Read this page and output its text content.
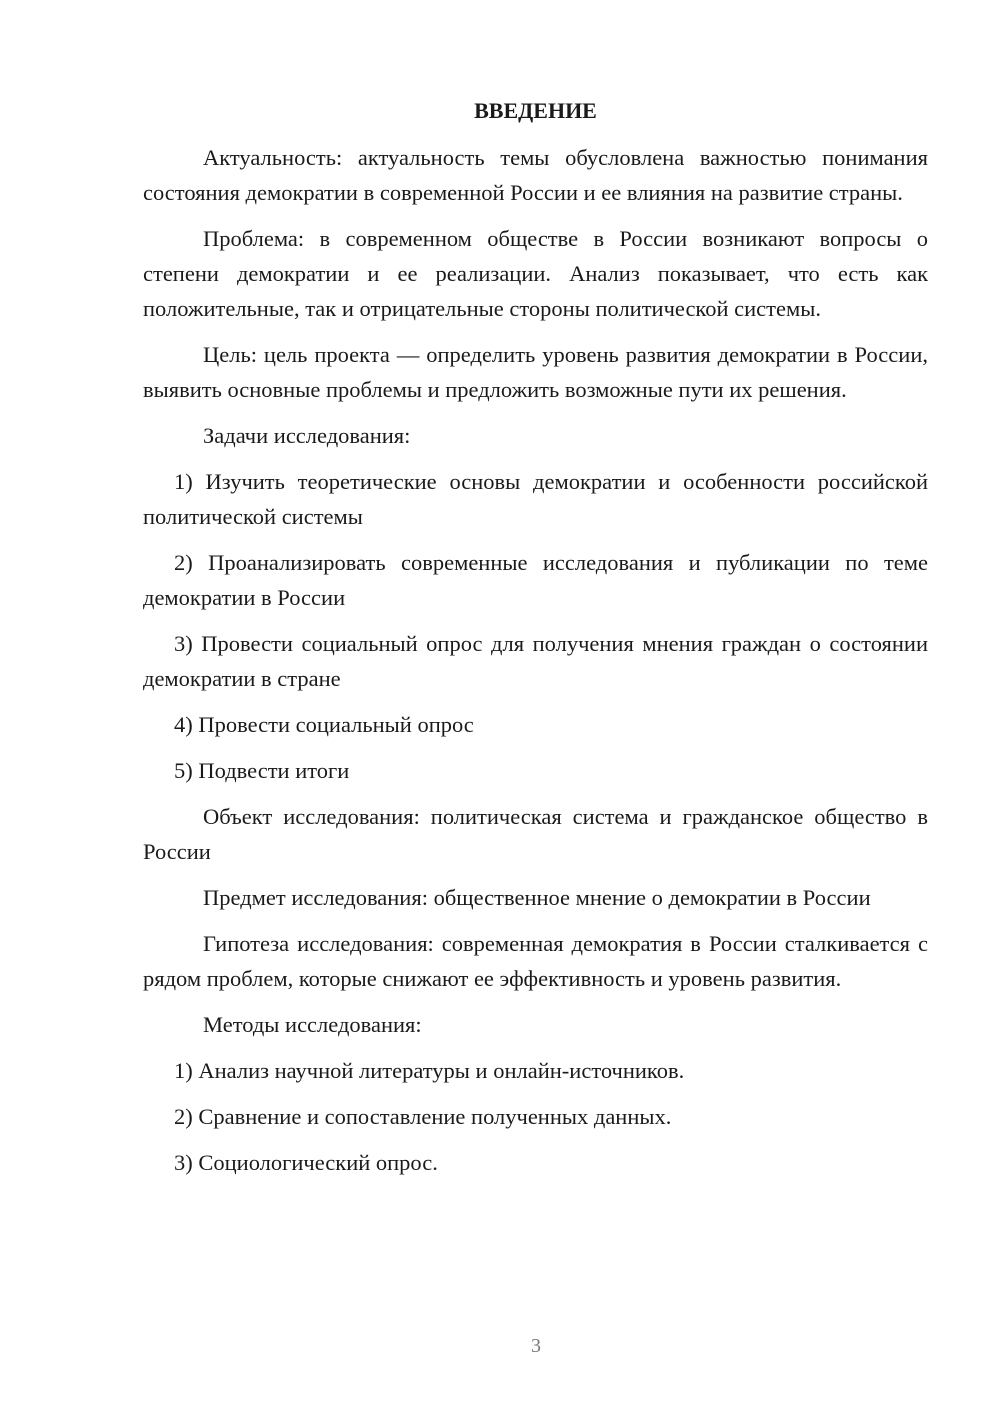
ВВЕДЕНИЕ

Актуальность: актуальность темы обусловлена важностью понимания состояния демократии в современной России и ее влияния на развитие страны.

Проблема: в современном обществе в России возникают вопросы о степени демократии и ее реализации. Анализ показывает, что есть как положительные, так и отрицательные стороны политической системы.

Цель: цель проекта — определить уровень развития демократии в России, выявить основные проблемы и предложить возможные пути их решения.

Задачи исследования:

1) Изучить теоретические основы демократии и особенности российской политической системы

2) Проанализировать современные исследования и публикации по теме демократии в России

3) Провести социальный опрос для получения мнения граждан о состоянии демократии в стране

4) Провести социальный опрос

5) Подвести итоги

Объект исследования: политическая система и гражданское общество в России

Предмет исследования: общественное мнение о демократии в России

Гипотеза исследования: современная демократия в России сталкивается с рядом проблем, которые снижают ее эффективность и уровень развития.

Методы исследования:

1) Анализ научной литературы и онлайн-источников.

2) Сравнение и сопоставление полученных данных.

3) Социологический опрос.

3
